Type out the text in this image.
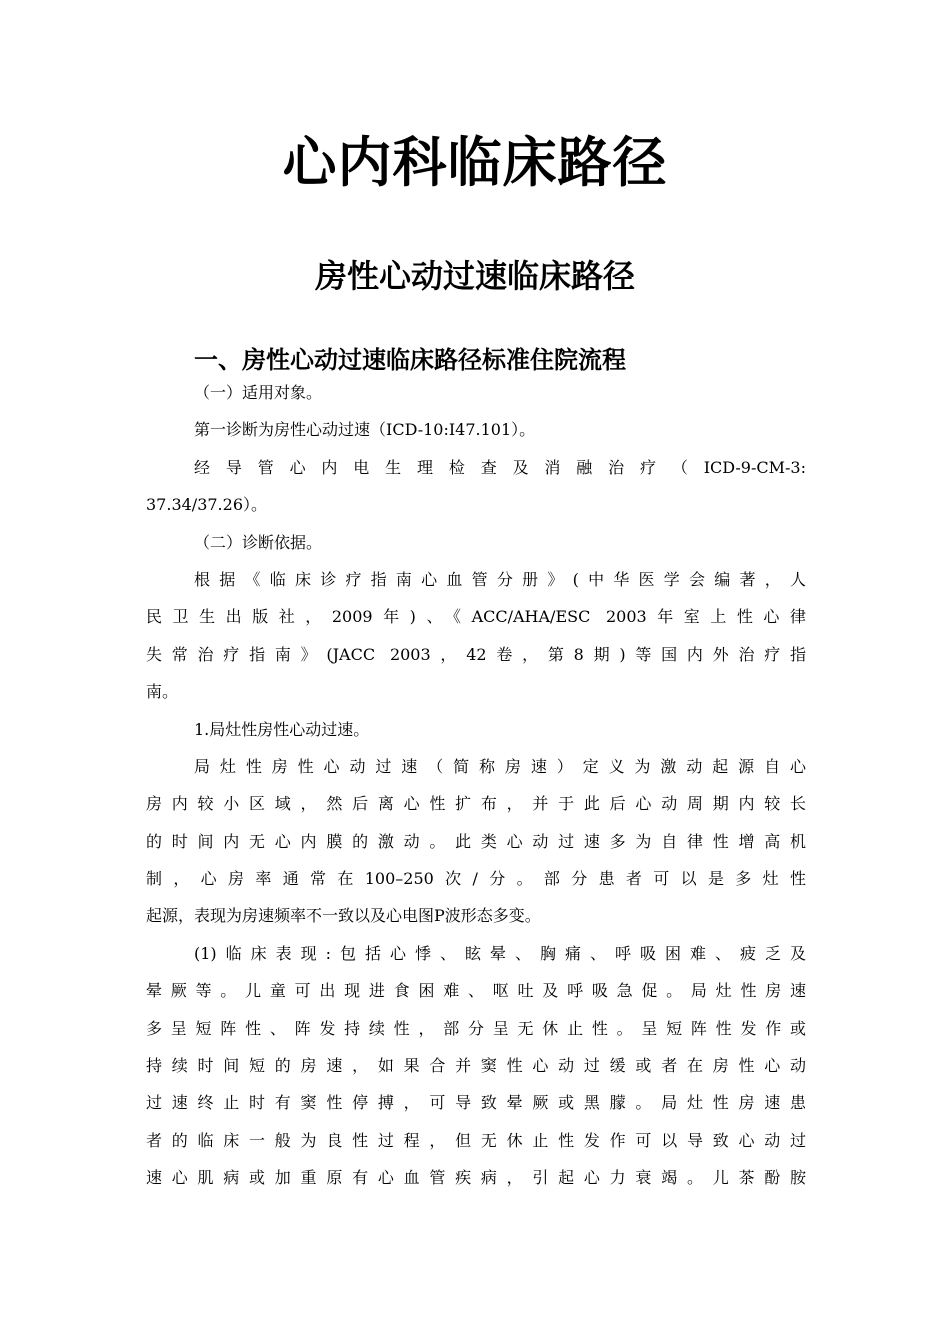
心内科临床路径
房性心动过速临床路径
一、房性心动过速临床路径标准住院流程
（一）适用对象。
第一诊断为房性心动过速（ICD-10:I47.101）。
经导管心内电生理检查及消融治疗（ICD-9-CM-3:
37.34/37.26）。
（二）诊断依据。
根据《临床诊疗指南心血管分册》(中华医学会编著，人
民卫生出版社，2009年)、《ACC/AHA/ESC 2003年室上性心律
失常治疗指南》(JACC 2003，42卷，第8期)等国内外治疗指
南。
1.局灶性房性心动过速。
局灶性房性心动过速（简称房速）定义为激动起源自心
房内较小区域，然后离心性扩布，并于此后心动周期内较长
的时间内无心内膜的激动。此类心动过速多为自律性增高机
制，心房率通常在100–250次/分。部分患者可以是多灶性
起源，表现为房速频率不一致以及心电图P波形态多变。
(1)临床表现:包括心悸、眩晕、胸痛、呼吸困难、疲乏及
晕厥等。儿童可出现进食困难、呕吐及呼吸急促。局灶性房速
多呈短阵性、阵发持续性，部分呈无休止性。呈短阵性发作或
持续时间短的房速，如果合并窦性心动过缓或者在房性心动
过速终止时有窦性停搏，可导致晕厥或黑朦。局灶性房速患
者的临床一般为良性过程，但无休止性发作可以导致心动过
速心肌病或加重原有心血管疾病，引起心力衰竭。儿茶酚胺
